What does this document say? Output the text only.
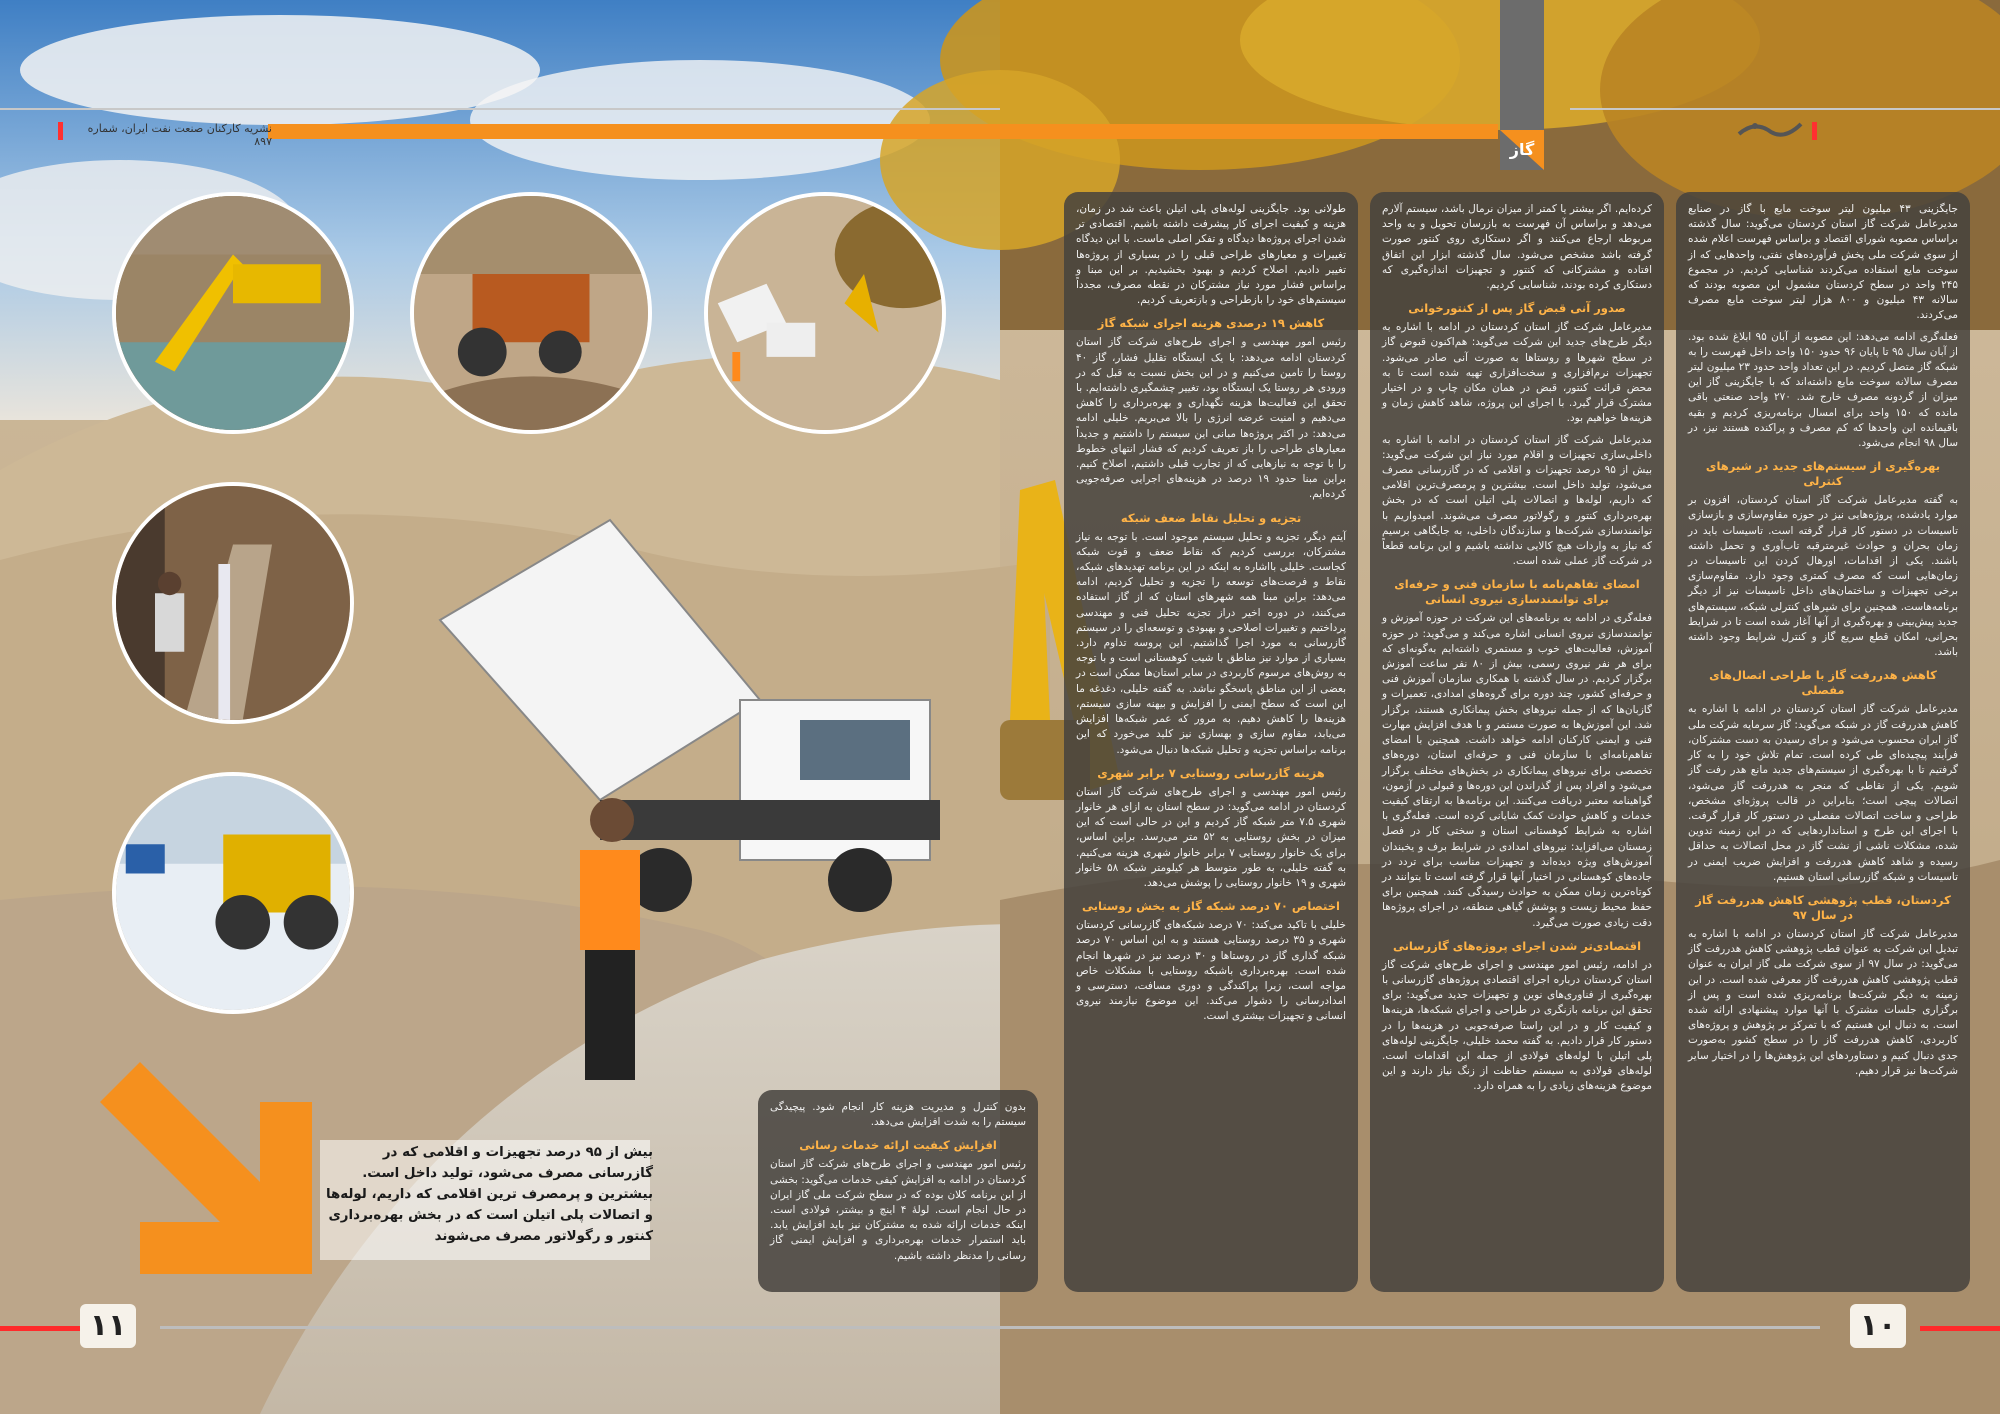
نشریه کارکنان صنعت نفت ایران، شماره ۸۹۷	گاز
بیش از ۹۵ درصد تجهیزات و اقلامی که در گازرسانی مصرف می‌شود، تولید داخل است. بیشترین و پرمصرف ترین اقلامی که داریم، لوله‌ها و اتصالات پلی اتیلن است که در بخش بهره‌برداری کنتور و رگولاتور مصرف می‌شوند

جایگزینی ۴۳ میلیون لیتر سوخت مایع با گاز در صنایع مدیرعامل شرکت گاز استان کردستان می‌گوید: سال گذشته براساس مصوبه شورای اقتصاد و براساس فهرست اعلام شده از سوی شرکت ملی پخش فرآورده‌های نفتی، واحدهایی که از سوخت مایع استفاده می‌کردند شناسایی کردیم. در مجموع ۲۴۵ واحد در سطح کردستان مشمول این مصوبه بودند که سالانه ۴۳ میلیون و ۸۰۰ هزار لیتر سوخت مایع مصرف می‌کردند.

فعله‌گری ادامه می‌دهد: این مصوبه از آبان ۹۵ ابلاغ شده بود. از آبان سال ۹۵ تا پایان ۹۶ حدود ۱۵۰ واحد داخل فهرست را به شبکه گاز متصل کردیم. در این تعداد واحد حدود ۲۳ میلیون لیتر مصرف سالانه سوخت مایع داشته‌اند که با جایگزینی گاز این میزان از گردونه مصرف خارج شد. ۲۷۰ واحد صنعتی باقی مانده که ۱۵۰ واحد برای امسال برنامه‌ریزی کردیم و بقیه باقیمانده این واحدها که کم مصرف و پراکنده هستند نیز، در سال ۹۸ انجام می‌شود.

بهره‌گیری از سیستم‌های جدید در شیرهای کنترلی

به گفته مدیرعامل شرکت گاز استان کردستان، افزون بر موارد یادشده، پروژه‌هایی نیز در حوزه مقاوم‌سازی و بازسازی تاسیسات در دستور کار قرار گرفته است. تاسیسات باید در زمان بحران و حوادث غیرمترقبه تاب‌آوری و تحمل داشته باشند. یکی از اقدامات، اورهال کردن این تاسیسات در زمان‌هایی است که مصرف کمتری وجود دارد. مقاوم‌سازی برخی تجهیزات و ساختمان‌های داخل تاسیسات نیز از دیگر برنامه‌هاست. همچنین برای شیرهای کنترلی شبکه، سیستم‌های جدید پیش‌بینی و بهره‌گیری از آنها آغاز شده است تا در شرایط بحرانی، امکان قطع سریع گاز و کنترل شرایط وجود داشته باشد.

کاهش هدررفت گاز با طراحی اتصال‌های مفصلی

مدیرعامل شرکت گاز استان کردستان در ادامه با اشاره به کاهش هدررفت گاز در شبکه می‌گوید: گاز سرمایه شرکت ملی گاز ایران محسوب می‌شود و برای رسیدن به دست مشترکان، فرآیند پیچیده‌ای طی کرده است. تمام تلاش خود را به کار گرفتیم تا با بهره‌گیری از سیستم‌های جدید مانع هدر رفت گاز شویم. یکی از نقاطی که منجر به هدررفت گاز می‌شود، اتصالات پیچی است؛ بنابراین در قالب پروژه‌ای مشخص، طراحی و ساخت اتصالات مفصلی در دستور کار قرار گرفت. با اجرای این طرح و استانداردهایی که در این زمینه تدوین شده، مشکلات ناشی از نشت گاز در محل اتصالات به حداقل رسیده و شاهد کاهش هدررفت و افزایش ضریب ایمنی در تاسیسات و شبکه گازرسانی استان هستیم.

کردستان، قطب پژوهشی کاهش هدررفت گاز در سال ۹۷

مدیرعامل شرکت گاز استان کردستان در ادامه با اشاره به تبدیل این شرکت به عنوان قطب پژوهشی کاهش هدررفت گاز می‌گوید: در سال ۹۷ از سوی شرکت ملی گاز ایران به عنوان قطب پژوهشی کاهش هدررفت گاز معرفی شده است. در این زمینه به دیگر شرکت‌ها برنامه‌ریزی شده است و پس از برگزاری جلسات مشترک با آنها موارد پیشنهادی ارائه شده است. به دنبال این هستیم که با تمرکز بر پژوهش و پروژه‌های کاربردی، کاهش هدررفت گاز را در سطح کشور به‌صورت جدی دنبال کنیم و دستاوردهای این پژوهش‌ها را در اختیار سایر شرکت‌ها نیز قرار دهیم.

کرده‌ایم. اگر بیشتر یا کمتر از میزان نرمال باشد، سیستم آلارم می‌دهد و براساس آن فهرست به بازرسان تحویل و به واحد مربوطه ارجاع می‌کنند و اگر دستکاری روی کنتور صورت گرفته باشد مشخص می‌شود. سال گذشته ابزار این اتفاق افتاده و مشترکانی که کنتور و تجهیزات اندازه‌گیری که دستکاری کرده بودند، شناسایی کردیم.

صدور آنی قبض گاز پس از کنتورخوانی

مدیرعامل شرکت گاز استان کردستان در ادامه با اشاره به دیگر طرح‌های جدید این شرکت می‌گوید: هم‌اکنون قبوض گاز در سطح شهرها و روستاها به صورت آنی صادر می‌شود. تجهیزات نرم‌افزاری و سخت‌افزاری تهیه شده است تا به محض قرائت کنتور، قبض در همان مکان چاپ و در اختیار مشترک قرار گیرد. با اجرای این پروژه، شاهد کاهش زمان و هزینه‌ها خواهیم بود.

مدیرعامل شرکت گاز استان کردستان در ادامه با اشاره به داخلی‌سازی تجهیزات و اقلام مورد نیاز این شرکت می‌گوید: بیش از ۹۵ درصد تجهیزات و اقلامی که در گازرسانی مصرف می‌شود، تولید داخل است. بیشترین و پرمصرف‌ترین اقلامی که داریم، لوله‌ها و اتصالات پلی اتیلن است که در بخش بهره‌برداری کنتور و رگولاتور مصرف می‌شوند. امیدواریم با توانمندسازی شرکت‌ها و سازندگان داخلی، به جایگاهی برسیم که نیاز به واردات هیچ کالایی نداشته باشیم و این برنامه قطعاً در شرکت گاز عملی شده است.

امضای تفاهم‌نامه با سازمان فنی و حرفه‌ای برای توانمندسازی نیروی انسانی

فعله‌گری در ادامه به برنامه‌های این شرکت در حوزه آموزش و توانمندسازی نیروی انسانی اشاره می‌کند و می‌گوید: در حوزه آموزش، فعالیت‌های خوب و مستمری داشته‌ایم به‌گونه‌ای که برای هر نفر نیروی رسمی، بیش از ۸۰ نفر ساعت آموزش برگزار کردیم. در سال گذشته با همکاری سازمان آموزش فنی و حرفه‌ای کشور، چند دوره برای گروه‌های امدادی، تعمیرات و گازبان‌ها که از جمله نیروهای بخش پیمانکاری هستند، برگزار شد. این آموزش‌ها به صورت مستمر و با هدف افزایش مهارت فنی و ایمنی کارکنان ادامه خواهد داشت. همچنین با امضای تفاهم‌نامه‌ای با سازمان فنی و حرفه‌ای استان، دوره‌های تخصصی برای نیروهای پیمانکاری در بخش‌های مختلف برگزار می‌شود و افراد پس از گذراندن این دوره‌ها و قبولی در آزمون، گواهینامه معتبر دریافت می‌کنند. این برنامه‌ها به ارتقای کیفیت خدمات و کاهش حوادث کمک شایانی کرده است. فعله‌گری با اشاره به شرایط کوهستانی استان و سختی کار در فصل زمستان می‌افزاید: نیروهای امدادی در شرایط برف و یخبندان آموزش‌های ویژه دیده‌اند و تجهیزات مناسب برای تردد در جاده‌های کوهستانی در اختیار آنها قرار گرفته است تا بتوانند در کوتاه‌ترین زمان ممکن به حوادث رسیدگی کنند. همچنین برای حفظ محیط زیست و پوشش گیاهی منطقه، در اجرای پروژه‌ها دقت زیادی صورت می‌گیرد.

اقتصادی‌تر شدن اجرای پروژه‌های گازرسانی

در ادامه، رئیس امور مهندسی و اجرای طرح‌های شرکت گاز استان کردستان درباره اجرای اقتصادی پروژه‌های گازرسانی با بهره‌گیری از فناوری‌های نوین و تجهیزات جدید می‌گوید: برای تحقق این برنامه بازنگری در طراحی و اجرای شبکه‌ها، هزینه‌ها و کیفیت کار و در این راستا صرفه‌جویی در هزینه‌ها را در دستور کار قرار دادیم. به گفته محمد خلیلی، جایگزینی لوله‌های پلی اتیلن با لوله‌های فولادی از جمله این اقدامات است. لوله‌های فولادی به سیستم حفاظت از زنگ نیاز دارند و این موضوع هزینه‌های زیادی را به همراه دارد.

طولانی بود. جایگزینی لوله‌های پلی اتیلن باعث شد در زمان، هزینه و کیفیت اجرای کار پیشرفت داشته باشیم. اقتصادی تر شدن اجرای پروژه‌ها دیدگاه و تفکر اصلی ماست. با این دیدگاه تغییرات و معیارهای طراحی قبلی را در بسیاری از پروژه‌ها تغییر دادیم. اصلاح کردیم و بهبود بخشیدیم. بر این مبنا و براساس فشار مورد نیاز مشترکان در نقطه مصرف، مجدداً سیستم‌های خود را بازطراحی و بازتعریف کردیم.

کاهش ۱۹ درصدی هزینه اجرای شبکه گاز

رئیس امور مهندسی و اجرای طرح‌های شرکت گاز استان کردستان ادامه می‌دهد: با یک ایستگاه تقلیل فشار، گاز ۴۰ روستا را تامین می‌کنیم و در این بخش نسبت به قبل که در ورودی هر روستا یک ایستگاه بود، تغییر چشمگیری داشته‌ایم. با تحقق این فعالیت‌ها هزینه نگهداری و بهره‌برداری را کاهش می‌دهیم و امنیت عرضه انرژی را بالا می‌بریم. خلیلی ادامه می‌دهد: در اکثر پروژه‌ها مبانی این سیستم را داشتیم و جدیداً معیارهای طراحی را باز تعریف کردیم که فشار انتهای خطوط را با توجه به نیازهایی که از تجارب قبلی داشتیم، اصلاح کنیم. براین مبنا حدود ۱۹ درصد در هزینه‌های اجرایی صرفه‌جویی کرده‌ایم.

تجزیه و تحلیل نقاط ضعف شبکه

آیتم دیگر، تجزیه و تحلیل سیستم موجود است. با توجه به نیاز مشترکان، بررسی کردیم که نقاط ضعف و قوت شبکه کجاست. خلیلی بااشاره به اینکه در این برنامه تهدیدهای شبکه، نقاط و فرصت‌های توسعه را تجزیه و تحلیل کردیم، ادامه می‌دهد: براین مبنا همه شهرهای استان که از گاز استفاده می‌کنند، در دوره اخیر دراز تجزیه تحلیل فنی و مهندسی پرداختیم و تغییرات اصلاحی و بهبودی و توسعه‌ای را در سیستم گازرسانی به مورد اجرا گذاشتیم. این پروسه تداوم دارد. بسیاری از موارد نیز مناطق با شیب کوهستانی است و با توجه به روش‌های مرسوم کاربردی در سایر استان‌ها ممکن است در بعضی از این مناطق پاسخگو نباشد. به گفته خلیلی، دغدغه ما این است که سطح ایمنی را افزایش و بیهنه سازی سیستم، هزینه‌ها را کاهش دهیم. به مرور که عمر شبکه‌ها افزایش می‌یابد، مقاوم سازی و بهسازی نیز کلید می‌خورد که این برنامه براساس تجزیه و تحلیل شبکه‌ها دنبال می‌شود.

هزینه گازرسانی روستایی ۷ برابر شهری

رئیس امور مهندسی و اجرای طرح‌های شرکت گاز استان کردستان در ادامه می‌گوید: در سطح استان به ازای هر خانوار شهری ۷.۵ متر شبکه گاز کردیم و این در حالی است که این میزان در بخش روستایی به ۵۲ متر می‌رسد. براین اساس، برای یک خانوار روستایی ۷ برابر خانوار شهری هزینه می‌کنیم. به گفته خلیلی، به طور متوسط هر کیلومتر شبکه ۵۸ خانوار شهری و ۱۹ خانوار روستایی را پوشش می‌دهد.

اختصاص ۷۰ درصد شبکه گاز به بخش روستایی

خلیلی با تاکید می‌کند: ۷۰ درصد شبکه‌های گازرسانی کردستان شهری و ۳۵ درصد روستایی هستند و به این اساس ۷۰ درصد شبکه گذاری گاز در روستاها و ۳۰ درصد نیز در شهرها انجام شده است. بهره‌برداری باشبکه روستایی با مشکلات خاص مواجه است، زیرا پراکندگی و دوری مسافت، دسترسی و امدادرسانی را دشوار می‌کند. این موضوع نیازمند نیروی انسانی و تجهیزات بیشتری است.

بدون کنترل و مدیریت هزینه کار انجام شود. پیچیدگی سیستم را به شدت افزایش می‌دهد.

افزایش کیفیت ارائه خدمات رسانی

رئیس امور مهندسی و اجرای طرح‌های شرکت گاز استان کردستان در ادامه به افزایش کیفی خدمات می‌گوید: بخشی از این برنامه کلان بوده که در سطح شرکت ملی گاز ایران در حال انجام است. لولهٔ ۴ اینچ و بیشتر، فولادی است. اینکه خدمات ارائه شده به مشترکان نیز باید افزایش یابد. باید استمرار خدمات بهره‌برداری و افزایش ایمنی گاز رسانی را مدنظر داشته باشیم.

۱۱	۱۰
